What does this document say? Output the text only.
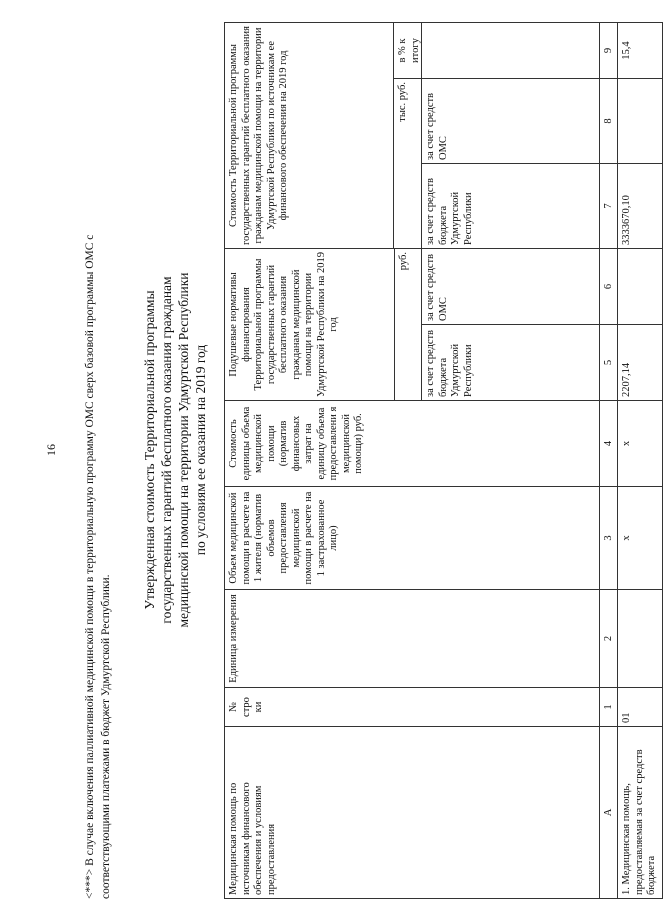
16 <***> В случае включения паллиативной медицинской помощи в территориальную программу ОМС сверх базовой программы ОМС с соответствующими платежами в бюджет Удмуртской Республики.
Утвержденная стоимость Территориальной программы государственных гарантий бесплатного оказания гражданам медицинской помощи на территории Удмуртской Республики по условиям ее оказания на 2019 год
Медицинская помощь по источникам финансового обеспечения и условиям предоставления
№ стро ки
Единица измерения
Объем медицинской помощи в расчете на 1 жителя (норматив объемов предоставления медицинской помощи в расчете на 1 застрахованное лицо)
Стоимость единицы объема медицинской помощи (норматив финансовых затрат на единицу объема предоставлени я медицинской помощи) руб.
Подушевые нормативы финансирования Территориальной программы государственных гарантий бесплатного оказания гражданам медицинской помощи на территории Удмуртской Республики на 2019 год
Стоимость Территориальной программы государственных гарантий бесплатного оказания гражданам медицинской помощи на территории Удмуртской Республики по источникам ее финансового обеспечения на 2019 год
руб.
тыс. руб.
в % к итогу
за счет средств бюджета Удмуртской Республики
за счет средств ОМС
за счет средств бюджета Удмуртской Республики
за счет средств ОМС
А
1
2
3
4
5
6
7
8
9
1. Медицинская помощь, предоставляемая за счет средств бюджета
01
х
х
2207,14
3333670,10
15,4
